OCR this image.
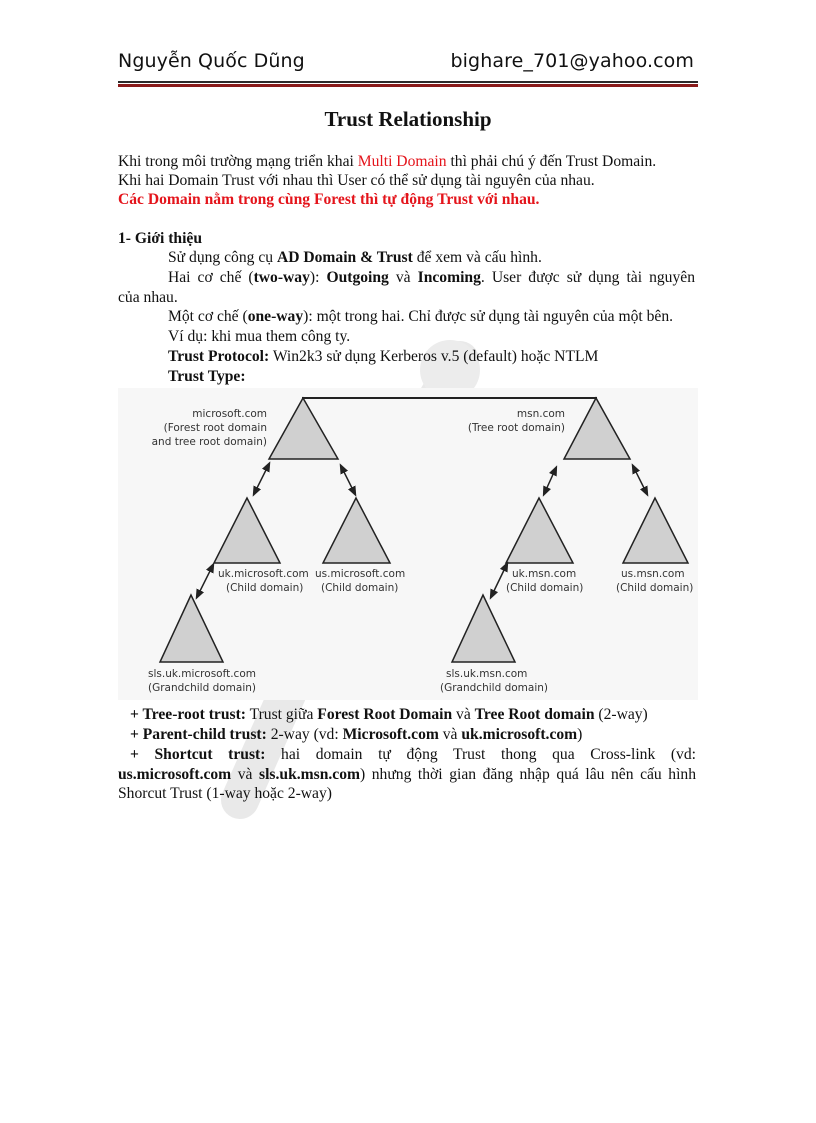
Nguyễn Quốc Dũng	bighare_701@yahoo.com
Trust Relationship
Khi trong môi trường mạng triển khai Multi Domain thì phải chú ý đến Trust Domain.
Khi hai Domain Trust với nhau thì User có thể sử dụng tài nguyên của nhau.
Các Domain nằm trong cùng Forest thì tự động Trust với nhau.
1- Giới thiệu
Sử dụng công cụ AD Domain & Trust để xem và cấu hình.
Hai cơ chế (two-way): Outgoing và Incoming. User được sử dụng tài nguyên
của nhau.
Một cơ chế (one-way): một trong hai. Chỉ được sử dụng tài nguyên của một bên.
Ví dụ: khi mua them công ty.
Trust Protocol: Win2k3 sử dụng Kerberos v.5 (default) hoặc NTLM
Trust Type:
microsoft.com
(Forest root domain
and tree root domain)
msn.com
(Tree root domain)
uk.microsoft.com
(Child domain)
us.microsoft.com
(Child domain)
uk.msn.com
(Child domain)
us.msn.com
(Child domain)
sls.uk.microsoft.com
(Grandchild domain)
sls.uk.msn.com
(Grandchild domain)
+ Tree-root trust: Trust giữa Forest Root Domain và Tree Root domain (2-way)
+ Parent-child trust: 2-way (vd: Microsoft.com và uk.microsoft.com)
+ Shortcut trust: hai domain tự động Trust thong qua Cross-link (vd:
us.microsoft.com và sls.uk.msn.com) nhưng thời gian đăng nhập quá lâu nên cấu hình
Shorcut Trust (1-way hoặc 2-way)
